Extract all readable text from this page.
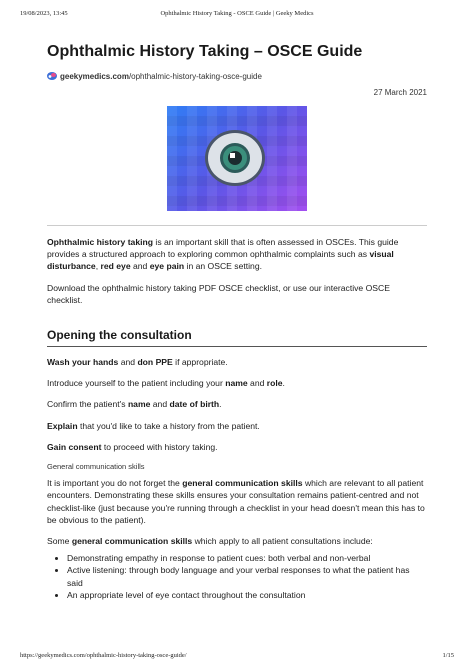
19/08/2023, 13:45	Ophthalmic History Taking - OSCE Guide | Geeky Medics
Ophthalmic History Taking – OSCE Guide
geekymedics.com /ophthalmic-history-taking-osce-guide
27 March 2021

Ophthalmic history taking is an important skill that is often assessed in OSCEs. This guide provides a structured approach to exploring common ophthalmic complaints such as visual disturbance, red eye and eye pain in an OSCE setting.

Download the ophthalmic history taking PDF OSCE checklist, or use our interactive OSCE checklist.

Opening the consultation

Wash your hands and don PPE if appropriate.

Introduce yourself to the patient including your name and role.

Confirm the patient's name and date of birth.

Explain that you'd like to take a history from the patient.

Gain consent to proceed with history taking.

General communication skills

It is important you do not forget the general communication skills which are relevant to all patient encounters. Demonstrating these skills ensures your consultation remains patient-centred and not checklist-like (just because you're running through a checklist in your head doesn't mean this has to be obvious to the patient).

Some general communication skills which apply to all patient consultations include:

• Demonstrating empathy in response to patient cues: both verbal and non-verbal
• Active listening: through body language and your verbal responses to what the patient has said
• An appropriate level of eye contact throughout the consultation
https://geekymedics.com/ophthalmic-history-taking-osce-guide/	1/15
